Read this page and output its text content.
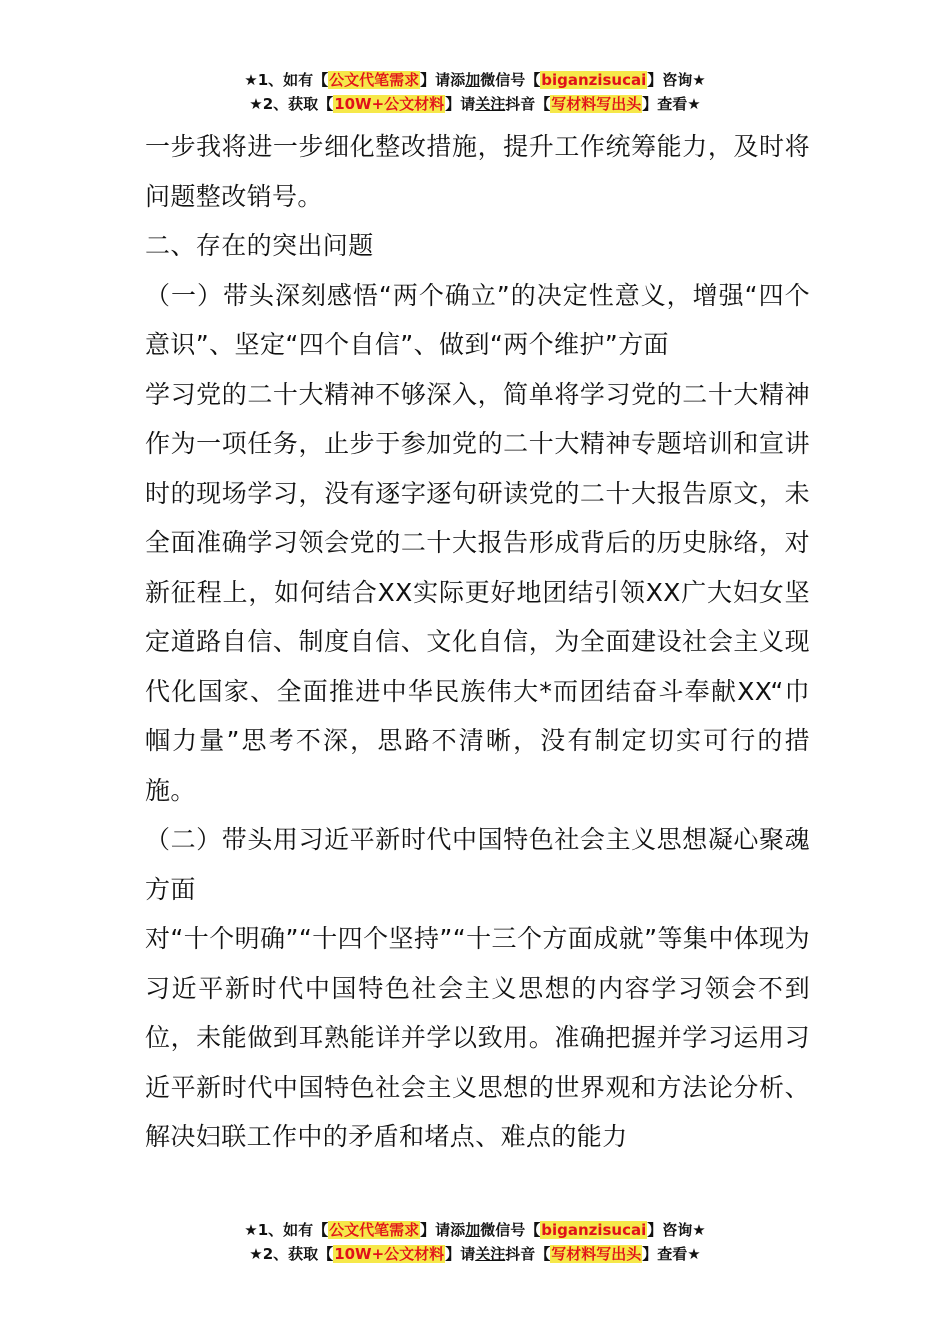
★1、如有【公文代笔需求】请添加微信号【biganzisucai】咨询★
★2、获取【10W+公文材料】请关注抖音【写材料写出头】查看★

一步我将进一步细化整改措施，提升工作统筹能力，及时将问题整改销号。

二、存在的突出问题

（一）带头深刻感悟“两个确立”的决定性意义，增强“四个意识”、坚定“四个自信”、做到“两个维护”方面

学习党的二十大精神不够深入，简单将学习党的二十大精神作为一项任务，止步于参加党的二十大精神专题培训和宣讲时的现场学习，没有逐字逐句研读党的二十大报告原文，未全面准确学习领会党的二十大报告形成背后的历史脉络，对新征程上，如何结合XX实际更好地团结引领XX广大妇女坚定道路自信、制度自信、文化自信，为全面建设社会主义现代化国家、全面推进中华民族伟大*而团结奋斗奉献XX“巾帼力量”思考不深，思路不清晰，没有制定切实可行的措施。

（二）带头用习近平新时代中国特色社会主义思想凝心聚魂方面

对“十个明确”“十四个坚持”“十三个方面成就”等集中体现为习近平新时代中国特色社会主义思想的内容学习领会不到位，未能做到耳熟能详并学以致用。准确把握并学习运用习近平新时代中国特色社会主义思想的世界观和方法论分析、解决妇联工作中的矛盾和堵点、难点的能力

★1、如有【公文代笔需求】请添加微信号【biganzisucai】咨询★
★2、获取【10W+公文材料】请关注抖音【写材料写出头】查看★
